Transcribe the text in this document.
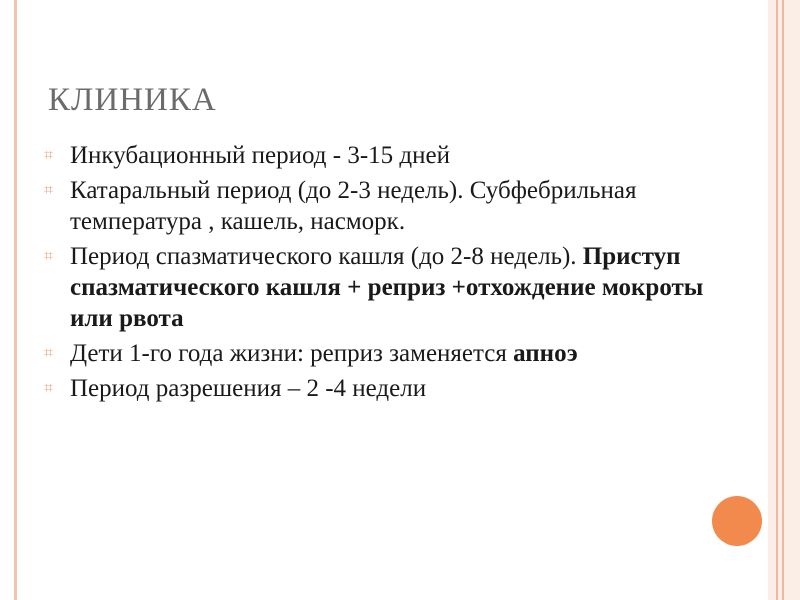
КЛИНИКА
⌗ Инкубационный период - 3-15 дней
⌗ Катаральный период (до 2-3 недель). Субфебрильная температура , кашель, насморк.
⌗ Период спазматического кашля (до 2-8 недель). Приступ спазматического кашля + реприз +отхождение мокроты или рвота
⌗ Дети 1-го года жизни: реприз заменяется апноэ
⌗ Период разрешения – 2 -4 недели
